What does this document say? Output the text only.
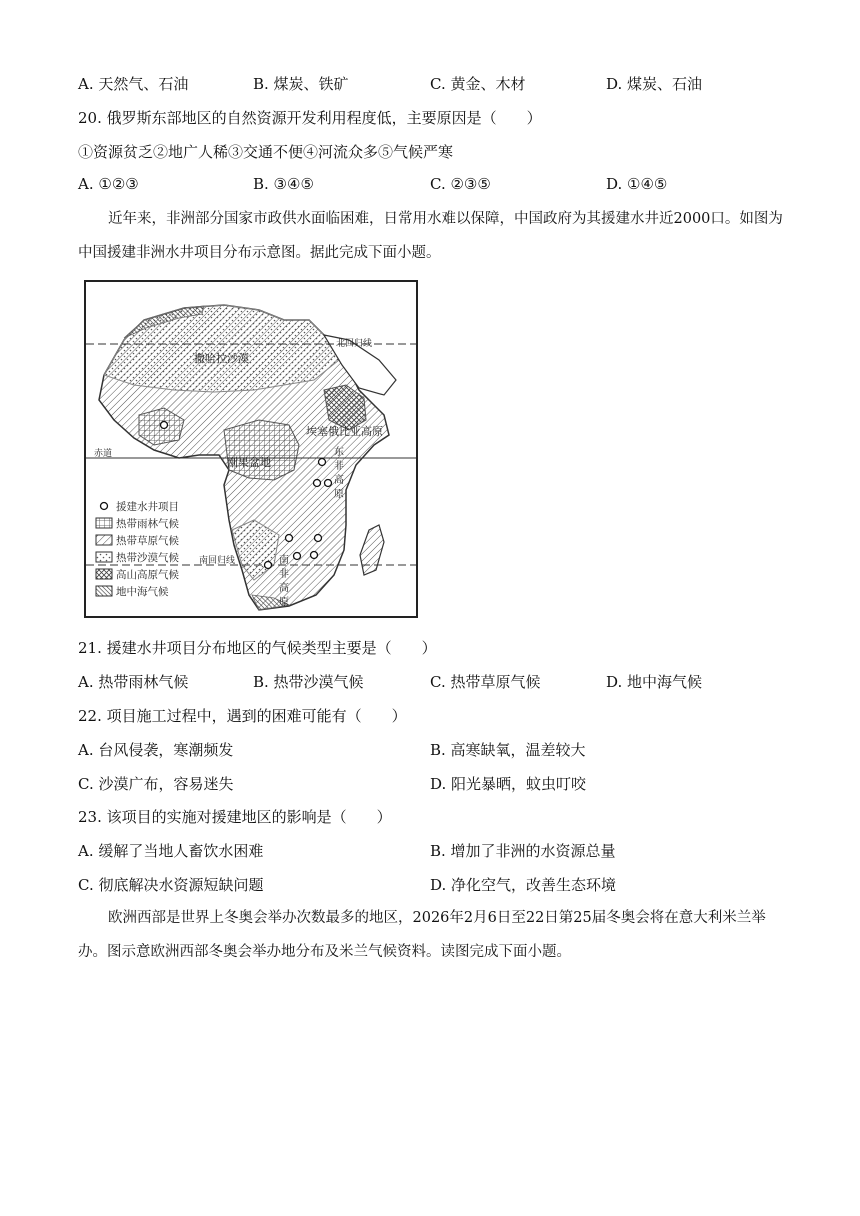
A. 天然气、石油	B. 煤炭、铁矿	C. 黄金、木材	D. 煤炭、石油
20. 俄罗斯东部地区的自然资源开发利用程度低，主要原因是（　　）
①资源贫乏②地广人稀③交通不便④河流众多⑤气候严寒
A. ①②③	B. ③④⑤	C. ②③⑤	D. ①④⑤
近年来，非洲部分国家市政供水面临困难，日常用水难以保障，中国政府为其援建水井近2000口。如图为中国援建非洲水井项目分布示意图。据此完成下面小题。
北回归线
赤道
南回归线
撒哈拉沙漠
埃塞俄比亚高原
刚果盆地
东
非
高
原
南
非
高
原
援建水井项目
热带雨林气候
热带草原气候
热带沙漠气候
高山高原气候
地中海气候
21. 援建水井项目分布地区的气候类型主要是（　　）
A. 热带雨林气候	B. 热带沙漠气候	C. 热带草原气候	D. 地中海气候
22. 项目施工过程中，遇到的困难可能有（　　）
A. 台风侵袭，寒潮频发	B. 高寒缺氧，温差较大
C. 沙漠广布，容易迷失	D. 阳光暴晒，蚊虫叮咬
23. 该项目的实施对援建地区的影响是（　　）
A. 缓解了当地人畜饮水困难	B. 增加了非洲的水资源总量
C. 彻底解决水资源短缺问题	D. 净化空气，改善生态环境
欧洲西部是世界上冬奥会举办次数最多的地区，2026年2月6日至22日第25届冬奥会将在意大利米兰举办。图示意欧洲西部冬奥会举办地分布及米兰气候资料。读图完成下面小题。
